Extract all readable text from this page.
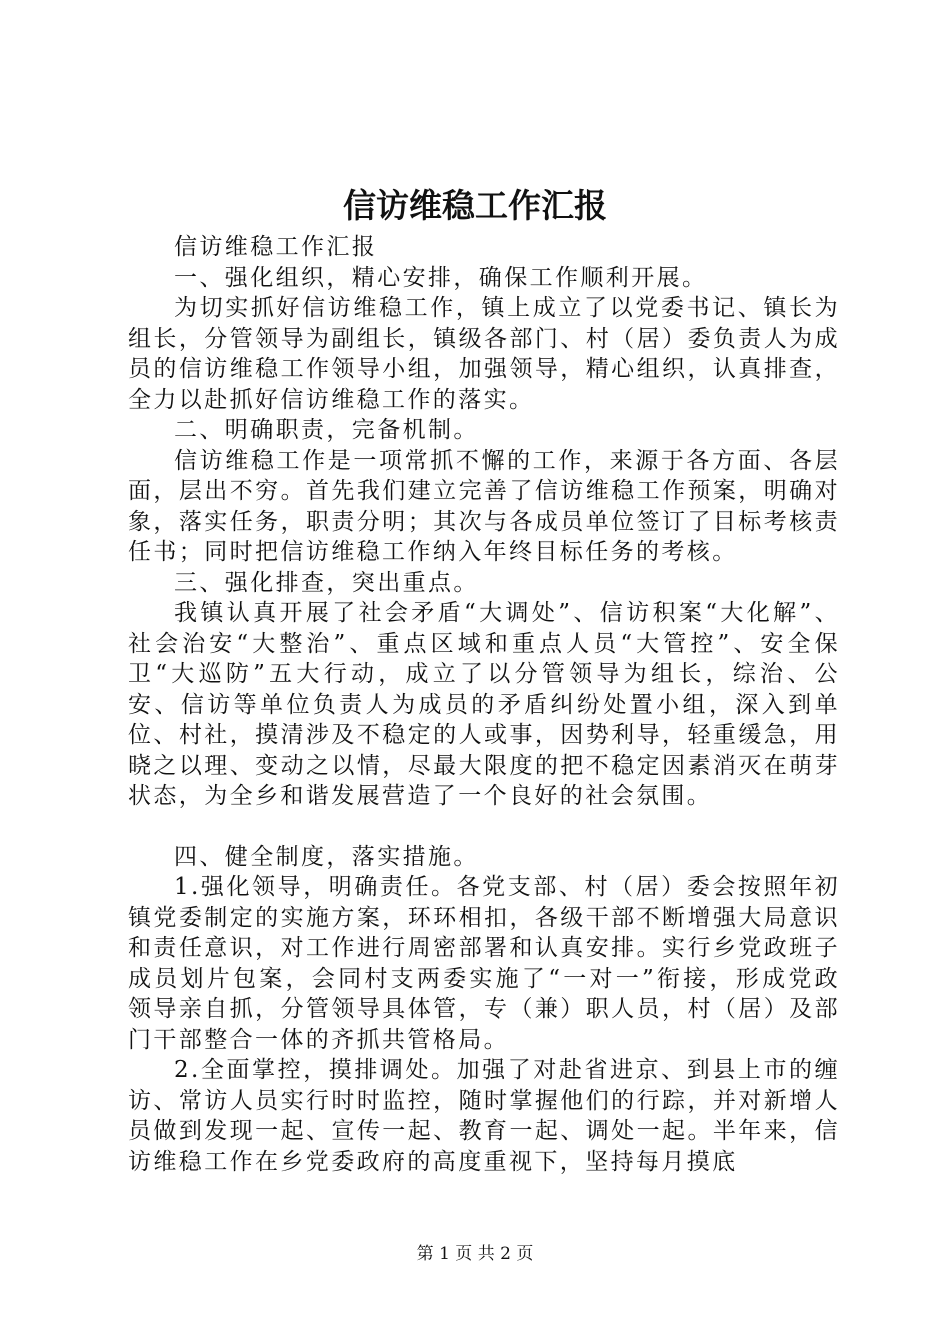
信访维稳工作汇报

信访维稳工作汇报

一、强化组织，精心安排，确保工作顺利开展。

为切实抓好信访维稳工作，镇上成立了以党委书记、镇长为组长，分管领导为副组长，镇级各部门、村（居）委负责人为成员的信访维稳工作领导小组，加强领导，精心组织，认真排查，全力以赴抓好信访维稳工作的落实。

二、明确职责，完备机制。

信访维稳工作是一项常抓不懈的工作，来源于各方面、各层面，层出不穷。首先我们建立完善了信访维稳工作预案，明确对象，落实任务，职责分明；其次与各成员单位签订了目标考核责任书；同时把信访维稳工作纳入年终目标任务的考核。

三、强化排查，突出重点。

我镇认真开展了社会矛盾“大调处”、信访积案“大化解”、社会治安“大整治”、重点区域和重点人员“大管控”、安全保卫“大巡防”五大行动，成立了以分管领导为组长，综治、公安、信访等单位负责人为成员的矛盾纠纷处置小组，深入到单位、村社，摸清涉及不稳定的人或事，因势利导，轻重缓急，用晓之以理、变动之以情，尽最大限度的把不稳定因素消灭在萌芽状态，为全乡和谐发展营造了一个良好的社会氛围。

四、健全制度，落实措施。

1.强化领导，明确责任。各党支部、村（居）委会按照年初镇党委制定的实施方案，环环相扣，各级干部不断增强大局意识和责任意识，对工作进行周密部署和认真安排。实行乡党政班子成员划片包案，会同村支两委实施了“一对一”衔接，形成党政领导亲自抓，分管领导具体管，专（兼）职人员，村（居）及部门干部整合一体的齐抓共管格局。

2.全面掌控，摸排调处。加强了对赴省进京、到县上市的缠访、常访人员实行时时监控，随时掌握他们的行踪，并对新增人员做到发现一起、宣传一起、教育一起、调处一起。半年来，信访维稳工作在乡党委政府的高度重视下，坚持每月摸底

第 1 页 共 2 页
